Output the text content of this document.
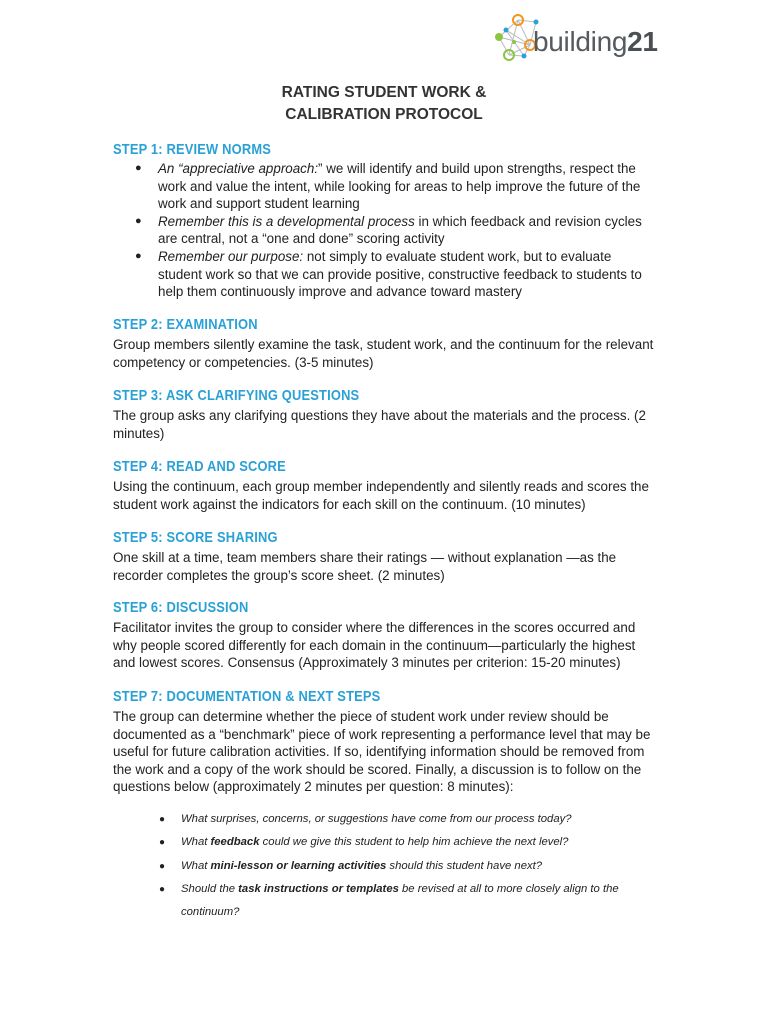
building21
RATING STUDENT WORK &
CALIBRATION PROTOCOL
STEP 1: REVIEW NORMS
● An “appreciative approach:” we will identify and build upon strengths, respect the work and value the intent, while looking for areas to help improve the future of the work and support student learning
● Remember this is a developmental process in which feedback and revision cycles are central, not a “one and done” scoring activity
● Remember our purpose: not simply to evaluate student work, but to evaluate student work so that we can provide positive, constructive feedback to students to help them continuously improve and advance toward mastery
STEP 2: EXAMINATION
Group members silently examine the task, student work, and the continuum for the relevant competency or competencies. (3-5 minutes)
STEP 3: ASK CLARIFYING QUESTIONS
The group asks any clarifying questions they have about the materials and the process. (2 minutes)
STEP 4: READ AND SCORE
Using the continuum, each group member independently and silently reads and scores the student work against the indicators for each skill on the continuum. (10 minutes)
STEP 5: SCORE SHARING
One skill at a time, team members share their ratings — without explanation —as the recorder completes the group’s score sheet. (2 minutes)
STEP 6: DISCUSSION
Facilitator invites the group to consider where the differences in the scores occurred and why people scored differently for each domain in the continuum—particularly the highest and lowest scores. Consensus (Approximately 3 minutes per criterion: 15-20 minutes)
STEP 7: DOCUMENTATION & NEXT STEPS
The group can determine whether the piece of student work under review should be documented as a “benchmark” piece of work representing a performance level that may be useful for future calibration activities. If so, identifying information should be removed from the work and a copy of the work should be scored. Finally, a discussion is to follow on the questions below (approximately 2 minutes per question: 8 minutes):
● What surprises, concerns, or suggestions have come from our process today?
● What feedback could we give this student to help him achieve the next level?
● What mini-lesson or learning activities should this student have next?
● Should the task instructions or templates be revised at all to more closely align to the continuum?
